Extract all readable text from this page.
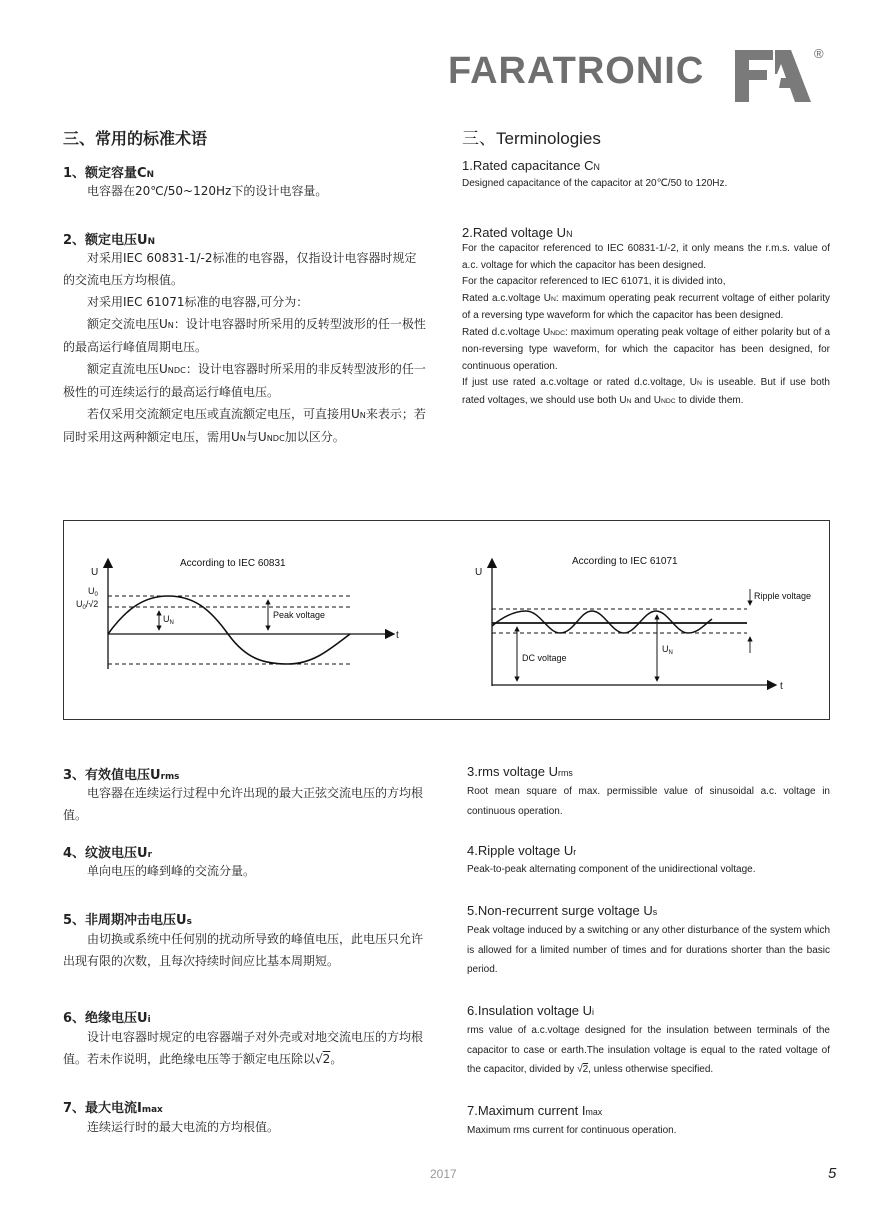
FARATRONIC	®
三、常用的标准术语
1、额定容量CN
电容器在20℃/50~120Hz下的设计电容量。
2、额定电压UN
对采用IEC 60831-1/-2标准的电容器，仅指设计电容器时规定的交流电压方均根值。
对采用IEC 61071标准的电容器,可分为：
额定交流电压UN：设计电容器时所采用的反转型波形的任一极性的最高运行峰值周期电压。
额定直流电压UNDC：设计电容器时所采用的非反转型波形的任一极性的可连续运行的最高运行峰值电压。
若仅采用交流额定电压或直流额定电压，可直接用UN来表示；若同时采用这两种额定电压，需用UN与UNDC加以区分。
三、Terminologies
1.Rated capacitance CN
Designed capacitance of the capacitor at 20℃/50 to 120Hz.
2.Rated voltage UN
For the capacitor referenced to IEC 60831-1/-2, it only means the r.m.s. value of a.c. voltage for which the capacitor has been designed.
For the capacitor referenced to IEC 61071, it is divided into,
Rated a.c.voltage UN: maximum operating peak recurrent voltage of either polarity of a reversing type waveform for which the capacitor has been designed.
Rated d.c.voltage UNDC: maximum operating peak voltage of either polarity but of a non-reversing type waveform, for which the capacitor has been designed, for continuous operation.
If just use rated a.c.voltage or rated d.c.voltage, UN is useable. But if use both rated voltages, we should use both UN and UNDC to divide them.
According to IEC 60831
U
t
$U_0$
$U_0/√2$
$U_N$
Peak voltage
According to IEC 61071
U
t
Ripple voltage
DC voltage
$U_N$
3、有效值电压Urms
电容器在连续运行过程中允许出现的最大正弦交流电压的方均根值。
4、纹波电压Ur
单向电压的峰到峰的交流分量。
5、非周期冲击电压Us
由切换或系统中任何别的扰动所导致的峰值电压，此电压只允许出现有限的次数，且每次持续时间应比基本周期短。
6、绝缘电压Ui
设计电容器时规定的电容器端子对外壳或对地交流电压的方均根值。若未作说明，此绝缘电压等于额定电压除以√2。
7、最大电流Imax
连续运行时的最大电流的方均根值。
3.rms voltage Urms
Root mean square of max. permissible value of sinusoidal a.c. voltage in continuous operation.
4.Ripple voltage Ur
Peak-to-peak alternating component of the unidirectional voltage.
5.Non-recurrent surge voltage Us
Peak voltage induced by a switching or any other disturbance of the system which is allowed for a limited number of times and for durations shorter than the basic period.
6.Insulation voltage Ui
rms value of a.c.voltage designed for the insulation between terminals of the capacitor to case or earth.The insulation voltage is equal to the rated voltage of the capacitor, divided by √2, unless otherwise specified.
7.Maximum current Imax
Maximum rms current for continuous operation.
2017	5
